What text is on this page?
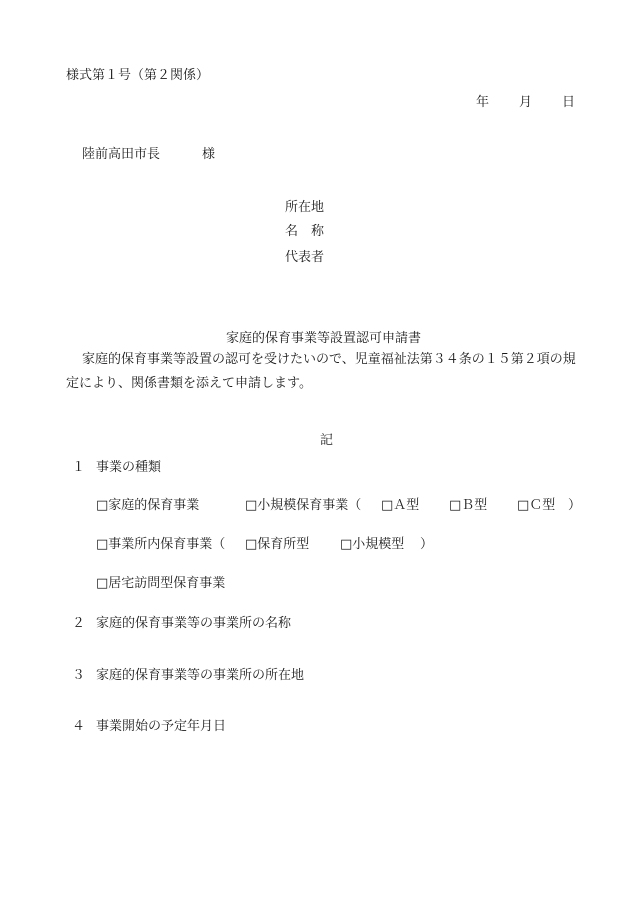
様式第１号（第２関係）
年 月 日
陸前高田市長	様
所在地
名　称
代表者
家庭的保育事業等設置認可申請書
家庭的保育事業等設置の認可を受けたいので、児童福祉法第３４条の１５第２項の規定により、関係書類を添えて申請します。
記
１ 事業の種類
□家庭的保育事業	□小規模保育事業（ □Ａ型 □Ｂ型 □Ｃ型 ）
□事業所内保育事業（ □保育所型 □小規模型 ）
□居宅訪問型保育事業
２ 家庭的保育事業等の事業所の名称
３ 家庭的保育事業等の事業所の所在地
４ 事業開始の予定年月日
